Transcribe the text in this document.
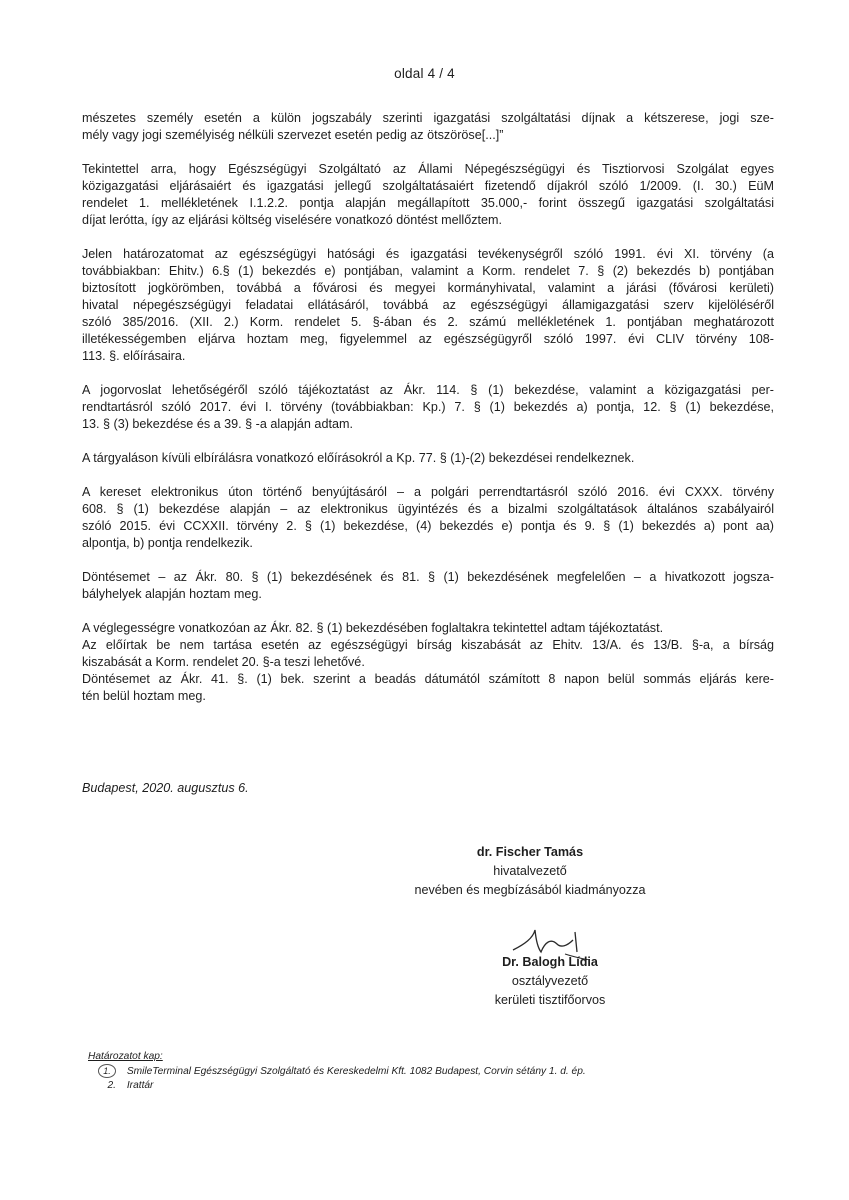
oldal 4 / 4

mészetes személy esetén a külön jogszabály szerinti igazgatási szolgáltatási díjnak a kétszerese, jogi sze-
mély vagy jogi személyiség nélküli szervezet esetén pedig az ötszöröse[...]”

Tekintettel arra, hogy Egészségügyi Szolgáltató az Állami Népegészségügyi és Tisztiorvosi Szolgálat egyes
közigazgatási eljárásaiért és igazgatási jellegű szolgáltatásaiért fizetendő díjakról szóló 1/2009. (I. 30.) EüM
rendelet 1. mellékletének I.1.2.2. pontja alapján megállapított 35.000,- forint összegű igazgatási szolgáltatási
díjat lerótta, így az eljárási költség viselésére vonatkozó döntést mellőztem.

Jelen határozatomat az egészségügyi hatósági és igazgatási tevékenységről szóló 1991. évi XI. törvény (a
továbbiakban: Ehitv.) 6.§ (1) bekezdés e) pontjában, valamint a Korm. rendelet 7. § (2) bekezdés b) pontjában
biztosított jogkörömben, továbbá a fővárosi és megyei kormányhivatal, valamint a járási (fővárosi kerületi)
hivatal népegészségügyi feladatai ellátásáról, továbbá az egészségügyi államigazgatási szerv kijelöléséről
szóló 385/2016. (XII. 2.) Korm. rendelet 5. §-ában és 2. számú mellékletének 1. pontjában meghatározott
illetékességemben eljárva hoztam meg, figyelemmel az egészségügyről szóló 1997. évi CLIV törvény 108-
113. §. előírásaira.

A jogorvoslat lehetőségéről szóló tájékoztatást az Ákr. 114. § (1) bekezdése, valamint a közigazgatási per-
rendtartásról szóló 2017. évi I. törvény (továbbiakban: Kp.) 7. § (1) bekezdés a) pontja, 12. § (1) bekezdése,
13. § (3) bekezdése és a 39. § -a alapján adtam.

A tárgyaláson kívüli elbírálásra vonatkozó előírásokról a Kp. 77. § (1)-(2) bekezdései rendelkeznek.

A kereset elektronikus úton történő benyújtásáról – a polgári perrendtartásról szóló 2016. évi CXXX. törvény
608. § (1) bekezdése alapján – az elektronikus ügyintézés és a bizalmi szolgáltatások általános szabályairól
szóló 2015. évi CCXXII. törvény 2. § (1) bekezdése, (4) bekezdés e) pontja és 9. § (1) bekezdés a) pont aa)
alpontja, b) pontja rendelkezik.

Döntésemet – az Ákr. 80. § (1) bekezdésének és 81. § (1) bekezdésének megfelelően – a hivatkozott jogsza-
bályhelyek alapján hoztam meg.

A véglegességre vonatkozóan az Ákr. 82. § (1) bekezdésében foglaltakra tekintettel adtam tájékoztatást.
Az előírtak be nem tartása esetén az egészségügyi bírság kiszabását az Ehitv. 13/A. és 13/B. §-a, a bírság
kiszabását a Korm. rendelet 20. §-a teszi lehetővé.
Döntésemet az Ákr. 41. §. (1) bek. szerint a beadás dátumától számított 8 napon belül sommás eljárás kere-
tén belül hoztam meg.

Budapest, 2020. augusztus 6.
dr. Fischer Tamás
hivatalvezető
nevében és megbízásából kiadmányozza
Dr. Balogh Lídia
osztályvezető
kerületi tisztifőorvos
Határozatot kap:
1. SmileTerminal Egészségügyi Szolgáltató és Kereskedelmi Kft. 1082 Budapest, Corvin sétány 1. d. ép.
2. Irattár
